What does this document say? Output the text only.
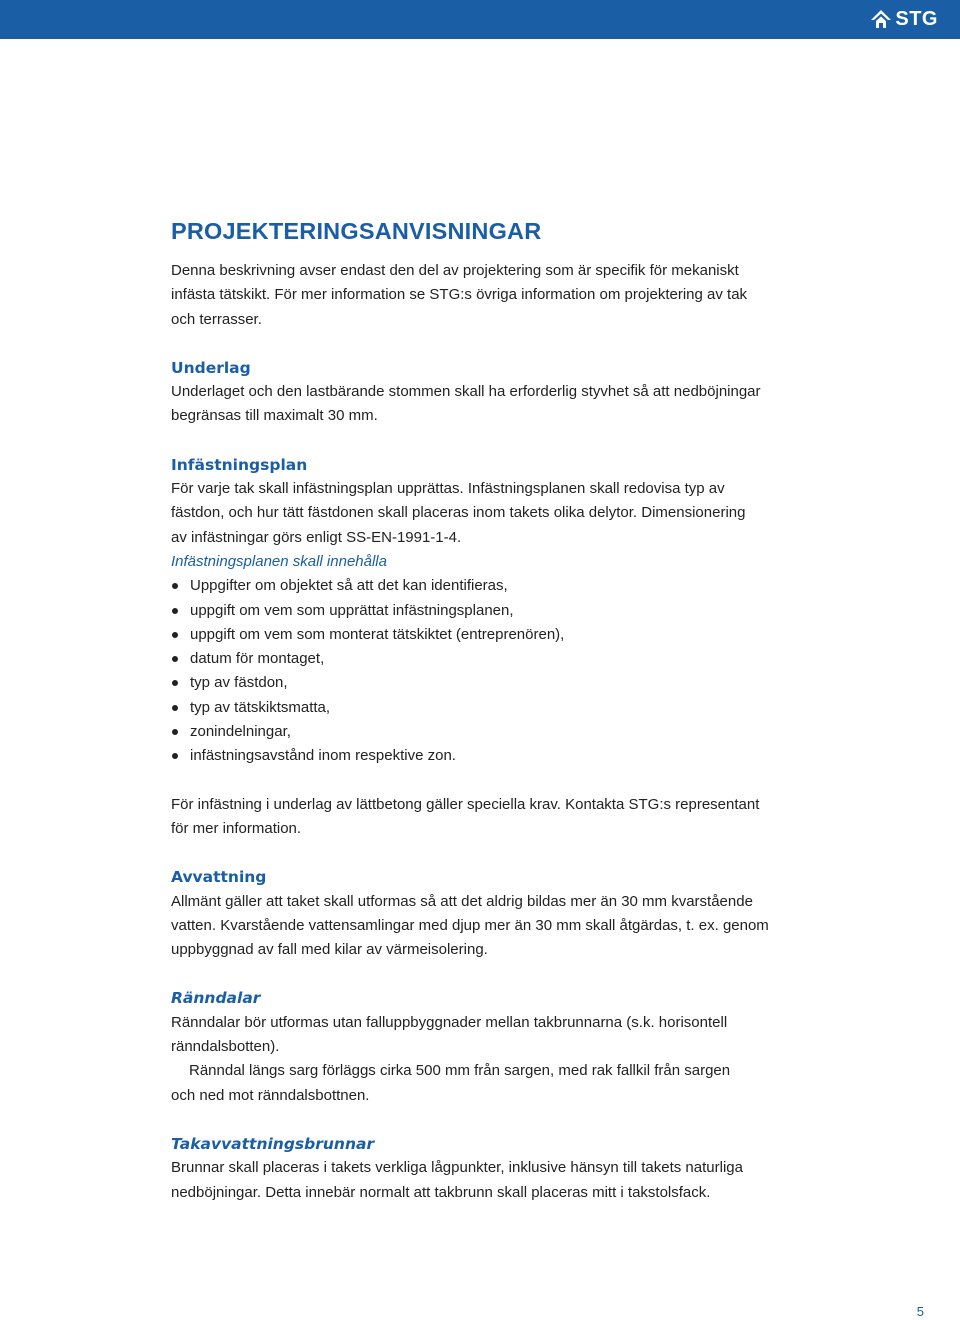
STG
PROJEKTERINGSANVISNINGAR

Denna beskrivning avser endast den del av projektering som är specifik för mekaniskt
infästa tätskikt. För mer information se STG:s övriga information om projektering av tak
och terrasser.

Underlag

Underlaget och den lastbärande stommen skall ha erforderlig styvhet så att nedböjningar
begränsas till maximalt 30 mm.

Infästningsplan

För varje tak skall infästningsplan upprättas. Infästningsplanen skall redovisa typ av
fästdon, och hur tätt fästdonen skall placeras inom takets olika delytor. Dimensionering
av infästningar görs enligt SS-EN-1991-1-4.

Infästningsplanen skall innehålla

Uppgifter om objektet så att det kan identifieras,
uppgift om vem som upprättat infästningsplanen,
uppgift om vem som monterat tätskiktet (entreprenören),
datum för montaget,
typ av fästdon,
typ av tätskiktsmatta,
zonindelningar,
infästningsavstånd inom respektive zon.

För infästning i underlag av lättbetong gäller speciella krav. Kontakta STG:s representant
för mer information.

Avvattning

Allmänt gäller att taket skall utformas så att det aldrig bildas mer än 30 mm kvarstående
vatten. Kvarstående vattensamlingar med djup mer än 30 mm skall åtgärdas, t. ex. genom
uppbyggnad av fall med kilar av värmeisolering.

Ränndalar

Ränndalar bör utformas utan falluppbyggnader mellan takbrunnarna (s.k. horisontell
ränndalsbotten).

Ränndal längs sarg förläggs cirka 500 mm från sargen, med rak fallkil från sargen
och ned mot ränndalsbottnen.

Takavvattningsbrunnar

Brunnar skall placeras i takets verkliga lågpunkter, inklusive hänsyn till takets naturliga
nedböjningar. Detta innebär normalt att takbrunn skall placeras mitt i takstolsfack.

5
